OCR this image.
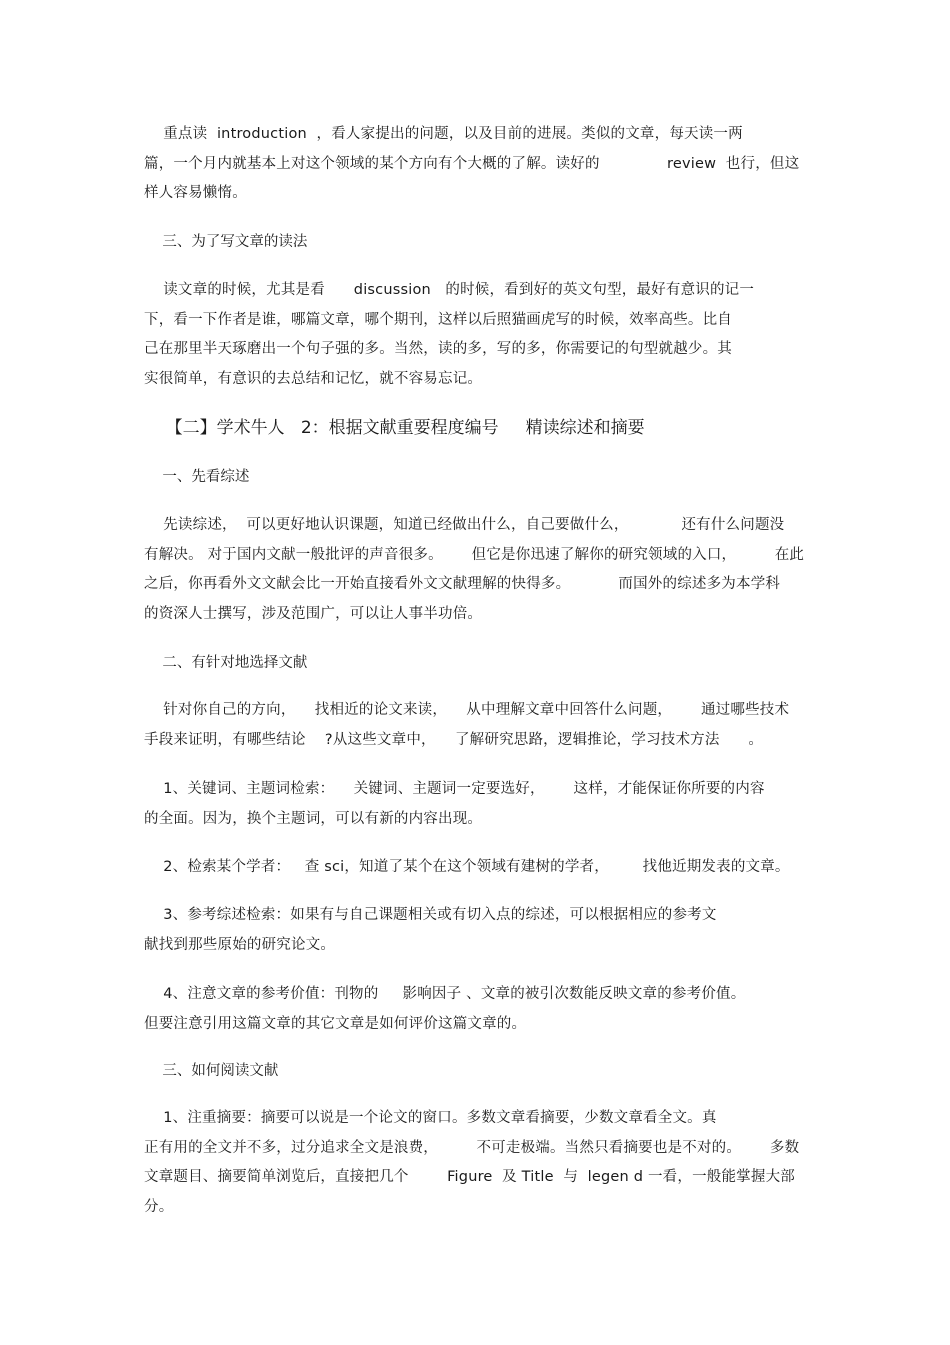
重点读  introduction  ，看人家提出的问题，以及目前的进展。类似的文章，每天读一两
篇，一个月内就基本上对这个领域的某个方向有个大概的了解。读好的              review  也行，但这
样人容易懒惰。
三、为了写文章的读法
读文章的时候，尤其是看      discussion   的时候，看到好的英文句型，最好有意识的记一
下，看一下作者是谁，哪篇文章，哪个期刊，这样以后照猫画虎写的时候，效率高些。比自
己在那里半天琢磨出一个句子强的多。当然，读的多，写的多，你需要记的句型就越少。其
实很简单，有意识的去总结和记忆，就不容易忘记。
【二】学术牛人   2：根据文献重要程度编号     精读综述和摘要
一、先看综述
先读综述，  可以更好地认识课题，知道已经做出什么，自己要做什么，           还有什么问题没
有解决。 对于国内文献一般批评的声音很多。      但它是你迅速了解你的研究领域的入口，        在此
之后，你再看外文文献会比一开始直接看外文文献理解的快得多。          而国外的综述多为本学科
的资深人士撰写，涉及范围广，可以让人事半功倍。
二、有针对地选择文献
针对你自己的方向，    找相近的论文来读，    从中理解文章中回答什么问题，      通过哪些技术
手段来证明，有哪些结论    ?从这些文章中，    了解研究思路，逻辑推论，学习技术方法      。
1、关键词、主题词检索：    关键词、主题词一定要选好，      这样，才能保证你所要的内容
的全面。因为，换个主题词，可以有新的内容出现。
2、检索某个学者：   查 sci，知道了某个在这个领域有建树的学者，       找他近期发表的文章。
3、参考综述检索：如果有与自己课题相关或有切入点的综述，可以根据相应的参考文
献找到那些原始的研究论文。
4、注意文章的参考价值：刊物的     影响因子 、文章的被引次数能反映文章的参考价值。
但要注意引用这篇文章的其它文章是如何评价这篇文章的。
三、如何阅读文献
1、注重摘要：摘要可以说是一个论文的窗口。多数文章看摘要，少数文章看全文。真
正有用的全文并不多，过分追求全文是浪费，        不可走极端。当然只看摘要也是不对的。      多数
文章题目、摘要简单浏览后，直接把几个        Figure  及 Title  与  legen d 一看，一般能掌握大部
分。
